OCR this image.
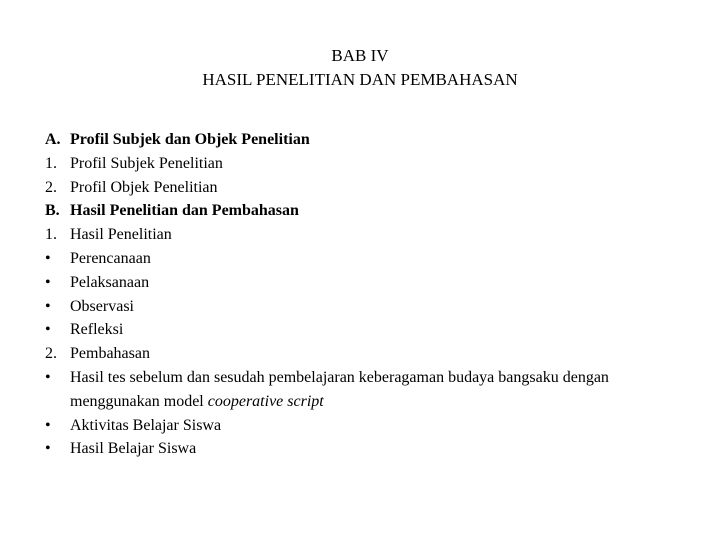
BAB IV
HASIL PENELITIAN DAN PEMBAHASAN
A. Profil Subjek dan Objek Penelitian
1. Profil Subjek Penelitian
2. Profil Objek Penelitian
B. Hasil Penelitian dan Pembahasan
1. Hasil Penelitian
•	Perencanaan
•	Pelaksanaan
•	Observasi
•	Refleksi
2. Pembahasan
•	Hasil tes sebelum dan sesudah pembelajaran keberagaman budaya bangsaku dengan
menggunakan model cooperative script
•	Aktivitas Belajar Siswa
•	Hasil Belajar Siswa
